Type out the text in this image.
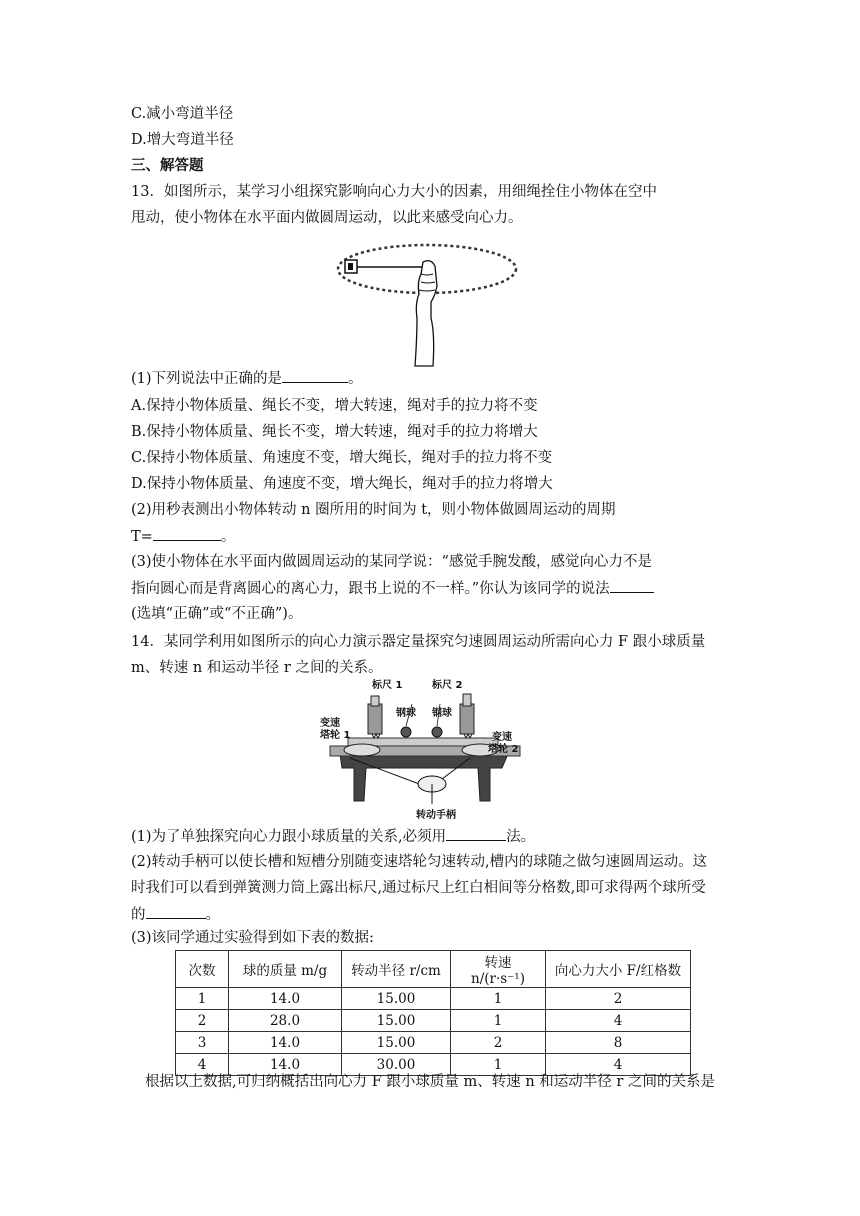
C.减小弯道半径
D.增大弯道半径
三、解答题
13．如图所示，某学习小组探究影响向心力大小的因素，用细绳拴住小物体在空中
甩动，使小物体在水平面内做圆周运动，以此来感受向心力。
(1)下列说法中正确的是	。
A.保持小物体质量、绳长不变，增大转速，绳对手的拉力将不变
B.保持小物体质量、绳长不变，增大转速，绳对手的拉力将增大
C.保持小物体质量、角速度不变，增大绳长，绳对手的拉力将不变
D.保持小物体质量、角速度不变，增大绳长，绳对手的拉力将增大
(2)用秒表测出小物体转动 n 圈所用的时间为 t，则小物体做圆周运动的周期
T=	。
(3)使小物体在水平面内做圆周运动的某同学说：“感觉手腕发酸，感觉向心力不是
指向圆心而是背离圆心的离心力，跟书上说的不一样。”你认为该同学的说法
(选填“正确”或“不正确”)。
14．某同学利用如图所示的向心力演示器定量探究匀速圆周运动所需向心力 F 跟小球质量
m、转速 n 和运动半径 r 之间的关系。
标尺 1	标尺 2
钢球 钢球
变速
塔轮 1	变速
塔轮 2
转动手柄
(1)为了单独探究向心力跟小球质量的关系,必须用	法。
(2)转动手柄可以使长槽和短槽分别随变速塔轮匀速转动,槽内的球随之做匀速圆周运动。这
时我们可以看到弹簧测力筒上露出标尺,通过标尺上红白相间等分格数,即可求得两个球所受
的	。
(3)该同学通过实验得到如下表的数据:
次数	球的质量 m/g	转动半径 r/cm	转速 n/(r·s⁻¹)	向心力大小 F/红格数
1	14.0	15.00	1	2
2	28.0	15.00	1	4
3	14.0	15.00	2	8
4	14.0	30.00	1	4
根据以上数据,可归纳概括出向心力 F 跟小球质量 m、转速 n 和运动半径 r 之间的关系是
